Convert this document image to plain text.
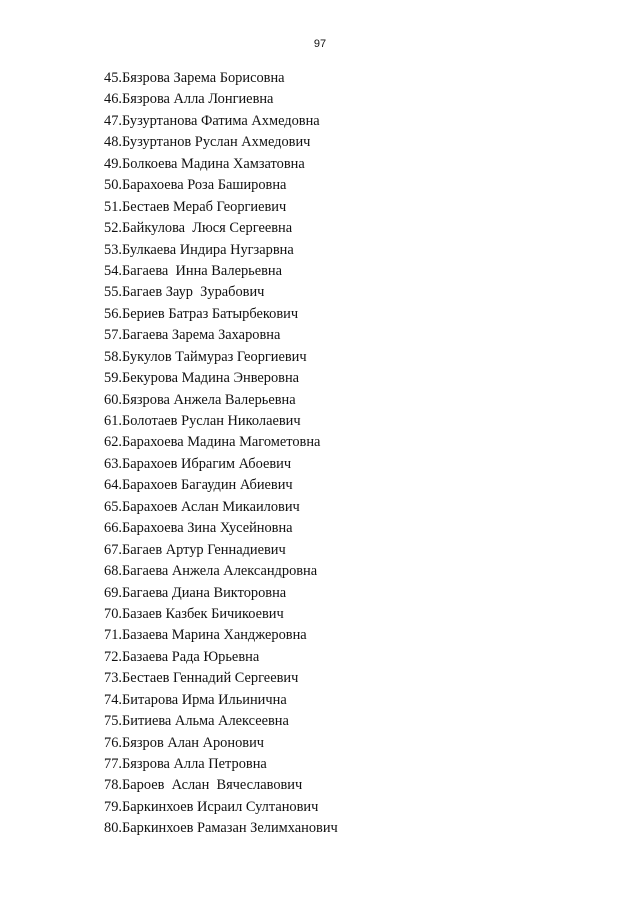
97
45.Бязрова Зарема Борисовна
46.Бязрова Алла Лонгиевна
47.Бузуртанова Фатима Ахмедовна
48.Бузуртанов Руслан Ахмедович
49.Болкоева Мадина Хамзатовна
50.Барахоева Роза Башировна
51.Бестаев Мераб Георгиевич
52.Байкулова  Люся Сергеевна
53.Булкаева Индира Нугзарвна
54.Багаева  Инна Валерьевна
55.Багаев Заур  Зурабович
56.Бериев Батраз Батырбекович
57.Багаева Зарема Захаровна
58.Букулов Таймураз Георгиевич
59.Бекурова Мадина Энверовна
60.Бязрова Анжела Валерьевна
61.Болотаев Руслан Николаевич
62.Барахоева Мадина Магометовна
63.Барахоев Ибрагим Абоевич
64.Барахоев Багаудин Абиевич
65.Барахоев Аслан Микаилович
66.Барахоева Зина Хусейновна
67.Багаев Артур Геннадиевич
68.Багаева Анжела Александровна
69.Багаева Диана Викторовна
70.Базаев Казбек Бичикоевич
71.Базаева Марина Ханджеровна
72.Базаева Рада Юрьевна
73.Бестаев Геннадий Сергеевич
74.Битарова Ирма Ильинична
75.Битиева Альма Алексеевна
76.Бязров Алан Аронович
77.Бязрова Алла Петровна
78.Бароев  Аслан  Вячеславович
79.Баркинхоев Исраил Султанович
80.Баркинхоев Рамазан Зелимханович
